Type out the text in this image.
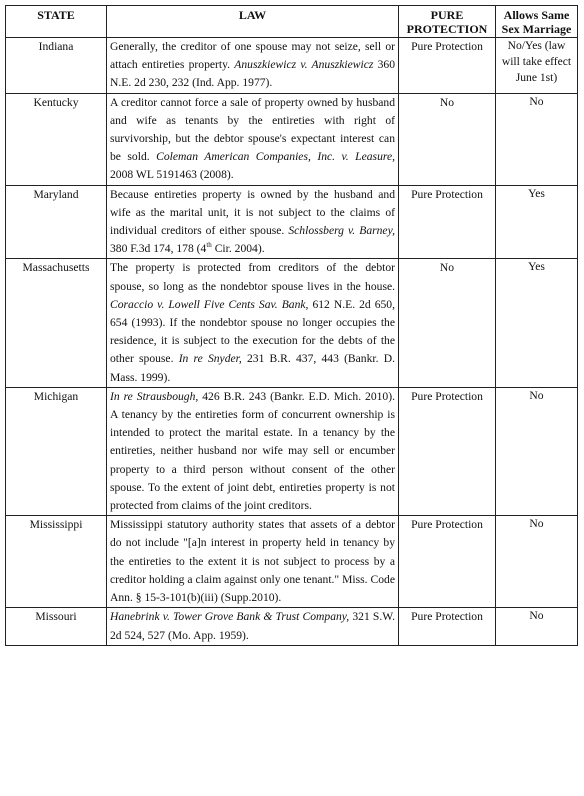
STATE	LAW	PURE PROTECTION	Allows Same Sex Marriage
Indiana	Generally, the creditor of one spouse may not seize, sell or attach entireties property. Anuszkiewicz v. Anuszkiewicz 360 N.E. 2d 230, 232 (Ind. App. 1977).	Pure Protection	No/Yes (law will take effect June 1st)
Kentucky	A creditor cannot force a sale of property owned by husband and wife as tenants by the entireties with right of survivorship, but the debtor spouse's expectant interest can be sold. Coleman American Companies, Inc. v. Leasure, 2008 WL 5191463 (2008).	No	No
Maryland	Because entireties property is owned by the husband and wife as the marital unit, it is not subject to the claims of individual creditors of either spouse. Schlossberg v. Barney, 380 F.3d 174, 178 (4th Cir. 2004).	Pure Protection	Yes
Massachusetts	The property is protected from creditors of the debtor spouse, so long as the nondebtor spouse lives in the house. Coraccio v. Lowell Five Cents Sav. Bank, 612 N.E. 2d 650, 654 (1993). If the nondebtor spouse no longer occupies the residence, it is subject to the execution for the debts of the other spouse. In re Snyder, 231 B.R. 437, 443 (Bankr. D. Mass. 1999).	No	Yes
Michigan	In re Strausbough, 426 B.R. 243 (Bankr. E.D. Mich. 2010). A tenancy by the entireties form of concurrent ownership is intended to protect the marital estate. In a tenancy by the entireties, neither husband nor wife may sell or encumber property to a third person without consent of the other spouse. To the extent of joint debt, entireties property is not protected from claims of the joint creditors.	Pure Protection	No
Mississippi	Mississippi statutory authority states that assets of a debtor do not include "[a]n interest in property held in tenancy by the entireties to the extent it is not subject to process by a creditor holding a claim against only one tenant." Miss. Code Ann. § 15-3-101(b)(iii) (Supp.2010).	Pure Protection	No
Missouri	Hanebrink v. Tower Grove Bank & Trust Company, 321 S.W. 2d 524, 527 (Mo. App. 1959).	Pure Protection	No
